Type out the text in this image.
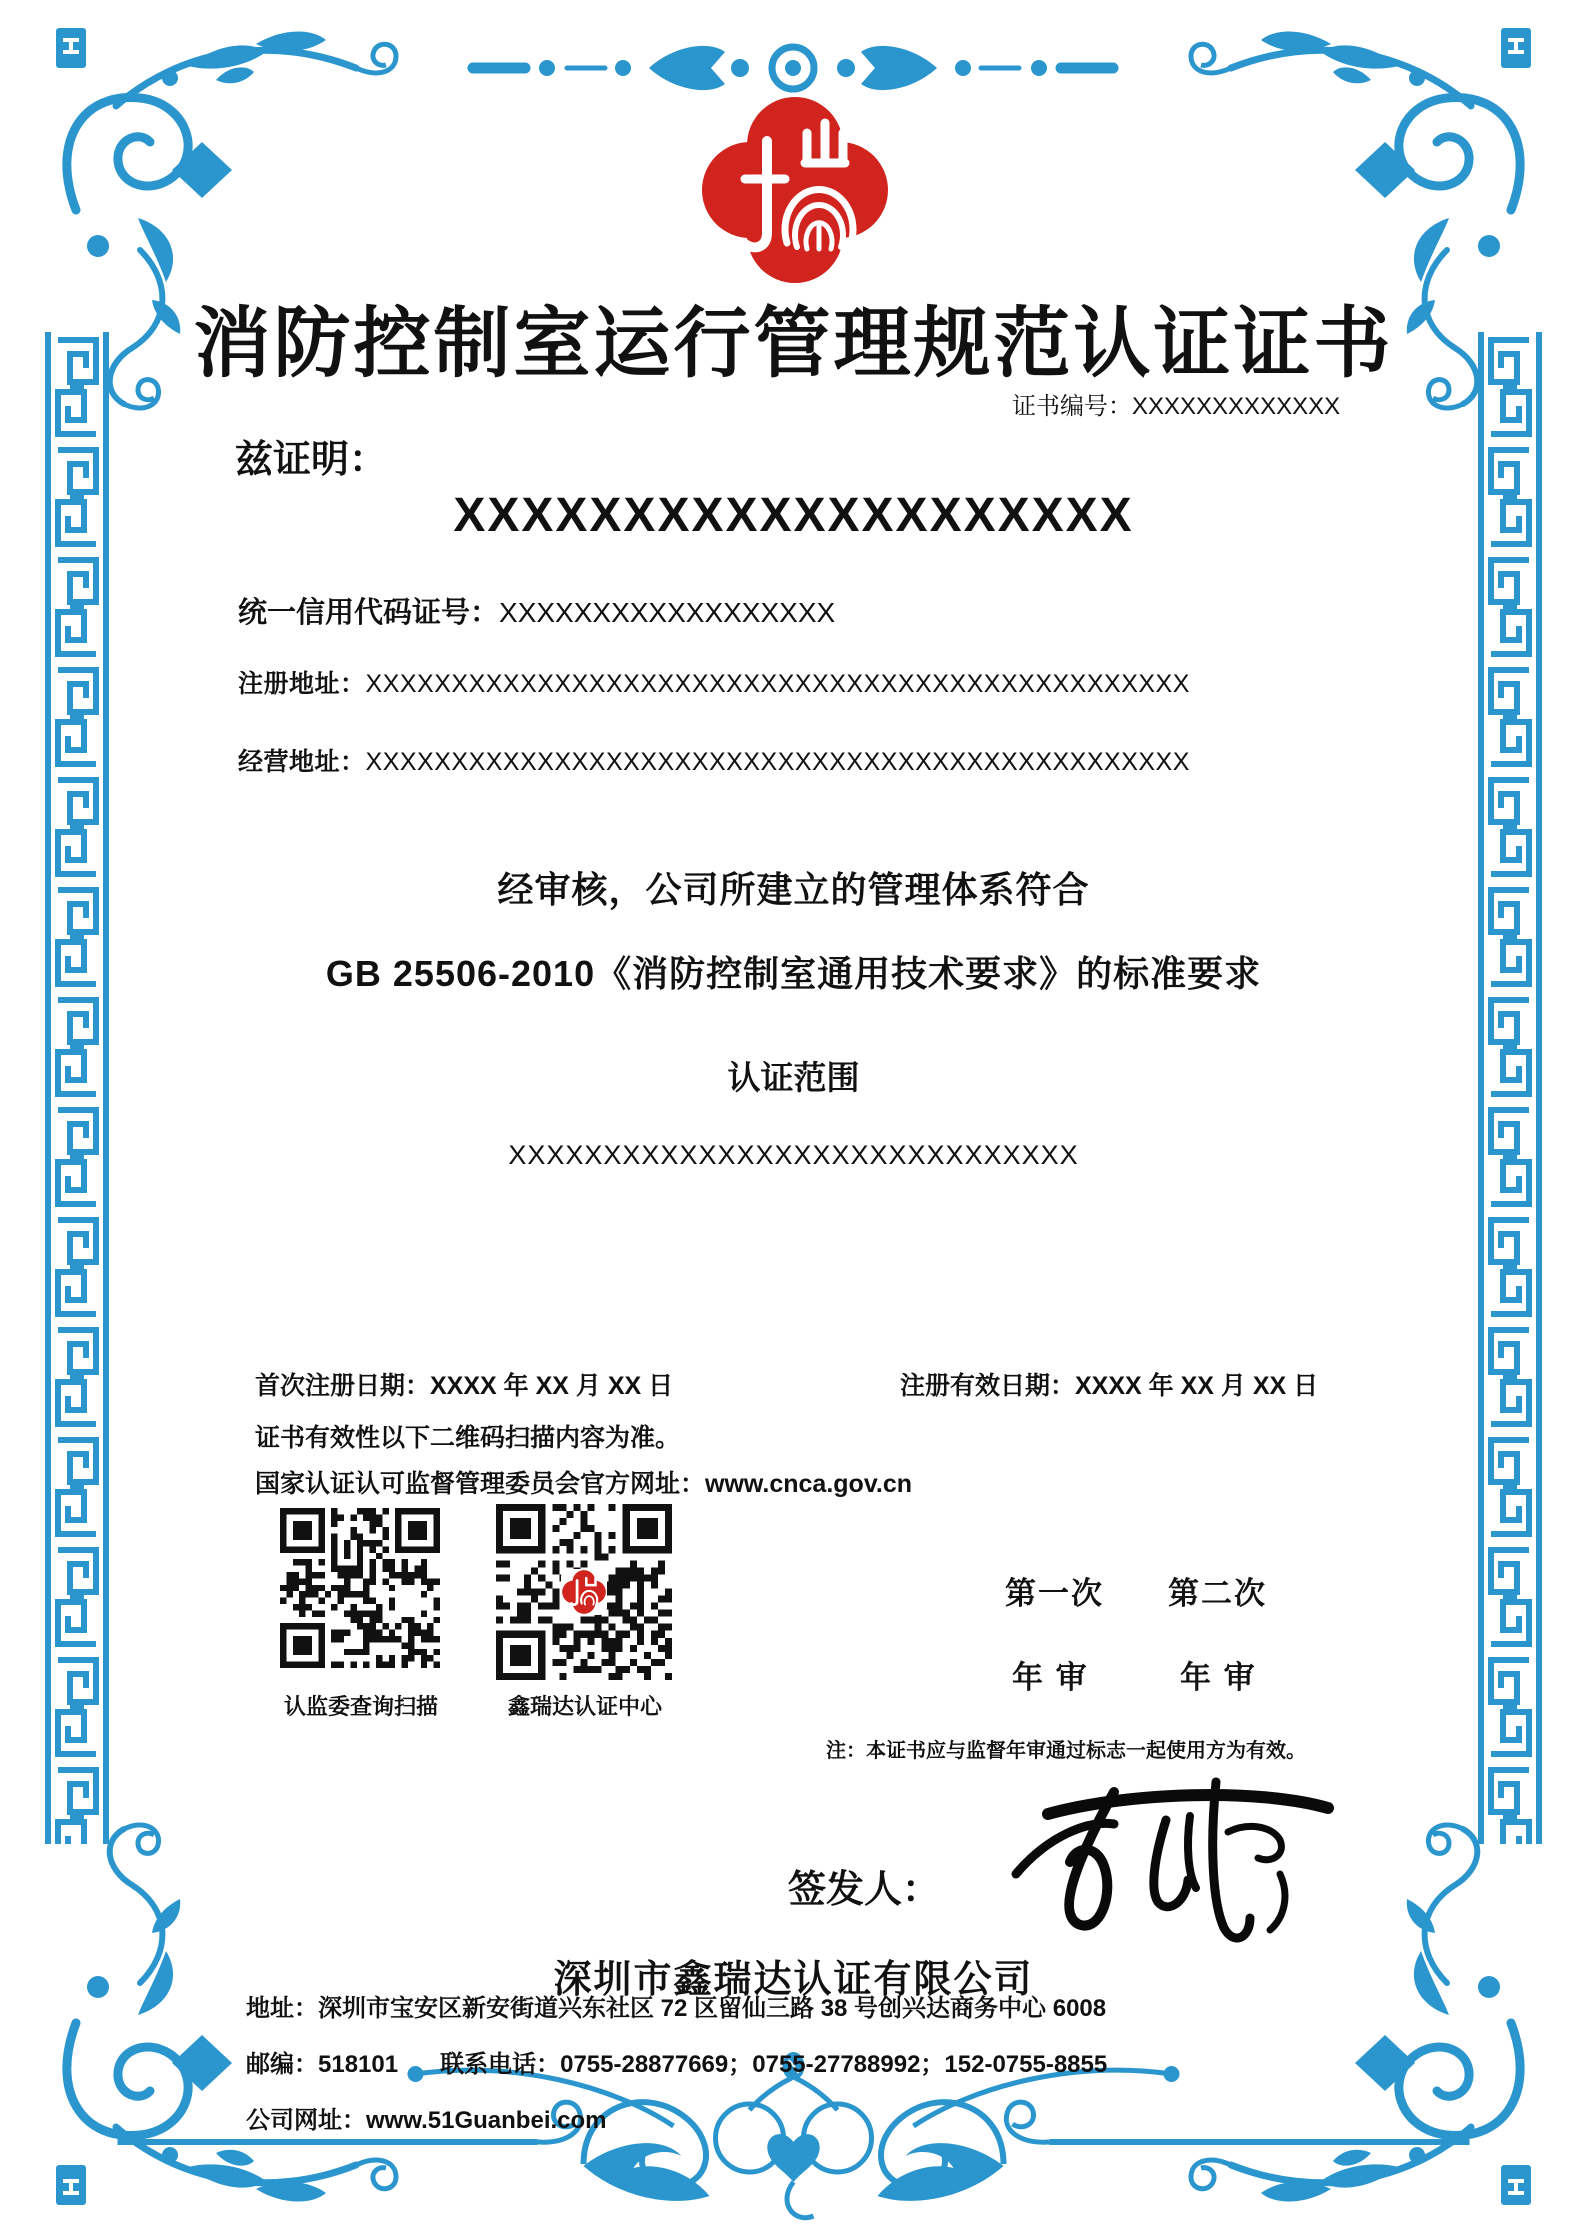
消防控制室运行管理规范认证证书
证书编号：XXXXXXXXXXXXX
兹证明：
XXXXXXXXXXXXXXXXXXXX
统一信用代码证号：XXXXXXXXXXXXXXXXXX
注册地址：XXXXXXXXXXXXXXXXXXXXXXXXXXXXXXXXXXXXXXXXXXXXXXXX
经营地址：XXXXXXXXXXXXXXXXXXXXXXXXXXXXXXXXXXXXXXXXXXXXXXXX
经审核，公司所建立的管理体系符合
GB 25506-2010《消防控制室通用技术要求》的标准要求
认证范围
XXXXXXXXXXXXXXXXXXXXXXXXXXXXXX
首次注册日期：XXXX 年 XX 月 XX 日	注册有效日期：XXXX 年 XX 月 XX 日
证书有效性以下二维码扫描内容为准。
国家认证认可监督管理委员会官方网址：www.cnca.gov.cn
认监委查询扫描	鑫瑞达认证中心
第一次 第二次
年 审	年 审
注：本证书应与监督年审通过标志一起使用方为有效。
签发人：
深圳市鑫瑞达认证有限公司
地址：深圳市宝安区新安街道兴东社区 72 区留仙三路 38 号创兴达商务中心 6008
邮编：518101 联系电话：0755-28877669；0755-27788992；152-0755-8855
公司网址：www.51Guanbei.com
